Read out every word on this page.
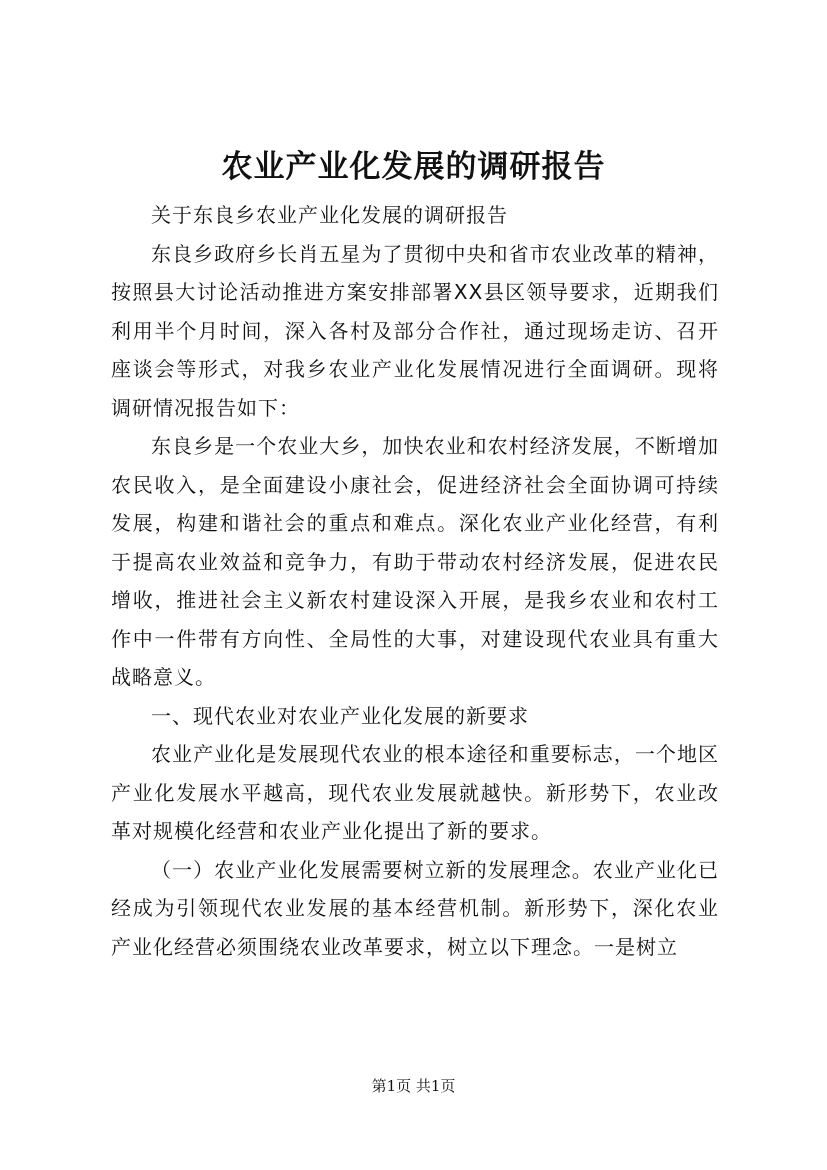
农业产业化发展的调研报告

关于东良乡农业产业化发展的调研报告

东良乡政府乡长肖五星为了贯彻中央和省市农业改革的精神，按照县大讨论活动推进方案安排部署XX县区领导要求，近期我们利用半个月时间，深入各村及部分合作社，通过现场走访、召开座谈会等形式，对我乡农业产业化发展情况进行全面调研。现将调研情况报告如下：

东良乡是一个农业大乡，加快农业和农村经济发展，不断增加农民收入，是全面建设小康社会，促进经济社会全面协调可持续发展，构建和谐社会的重点和难点。深化农业产业化经营，有利于提高农业效益和竞争力，有助于带动农村经济发展，促进农民增收，推进社会主义新农村建设深入开展，是我乡农业和农村工作中一件带有方向性、全局性的大事，对建设现代农业具有重大战略意义。

一、现代农业对农业产业化发展的新要求

农业产业化是发展现代农业的根本途径和重要标志，一个地区产业化发展水平越高，现代农业发展就越快。新形势下，农业改革对规模化经营和农业产业化提出了新的要求。

（一）农业产业化发展需要树立新的发展理念。农业产业化已经成为引领现代农业发展的基本经营机制。新形势下，深化农业产业化经营必须围绕农业改革要求，树立以下理念。一是树立

第1页 共1页
